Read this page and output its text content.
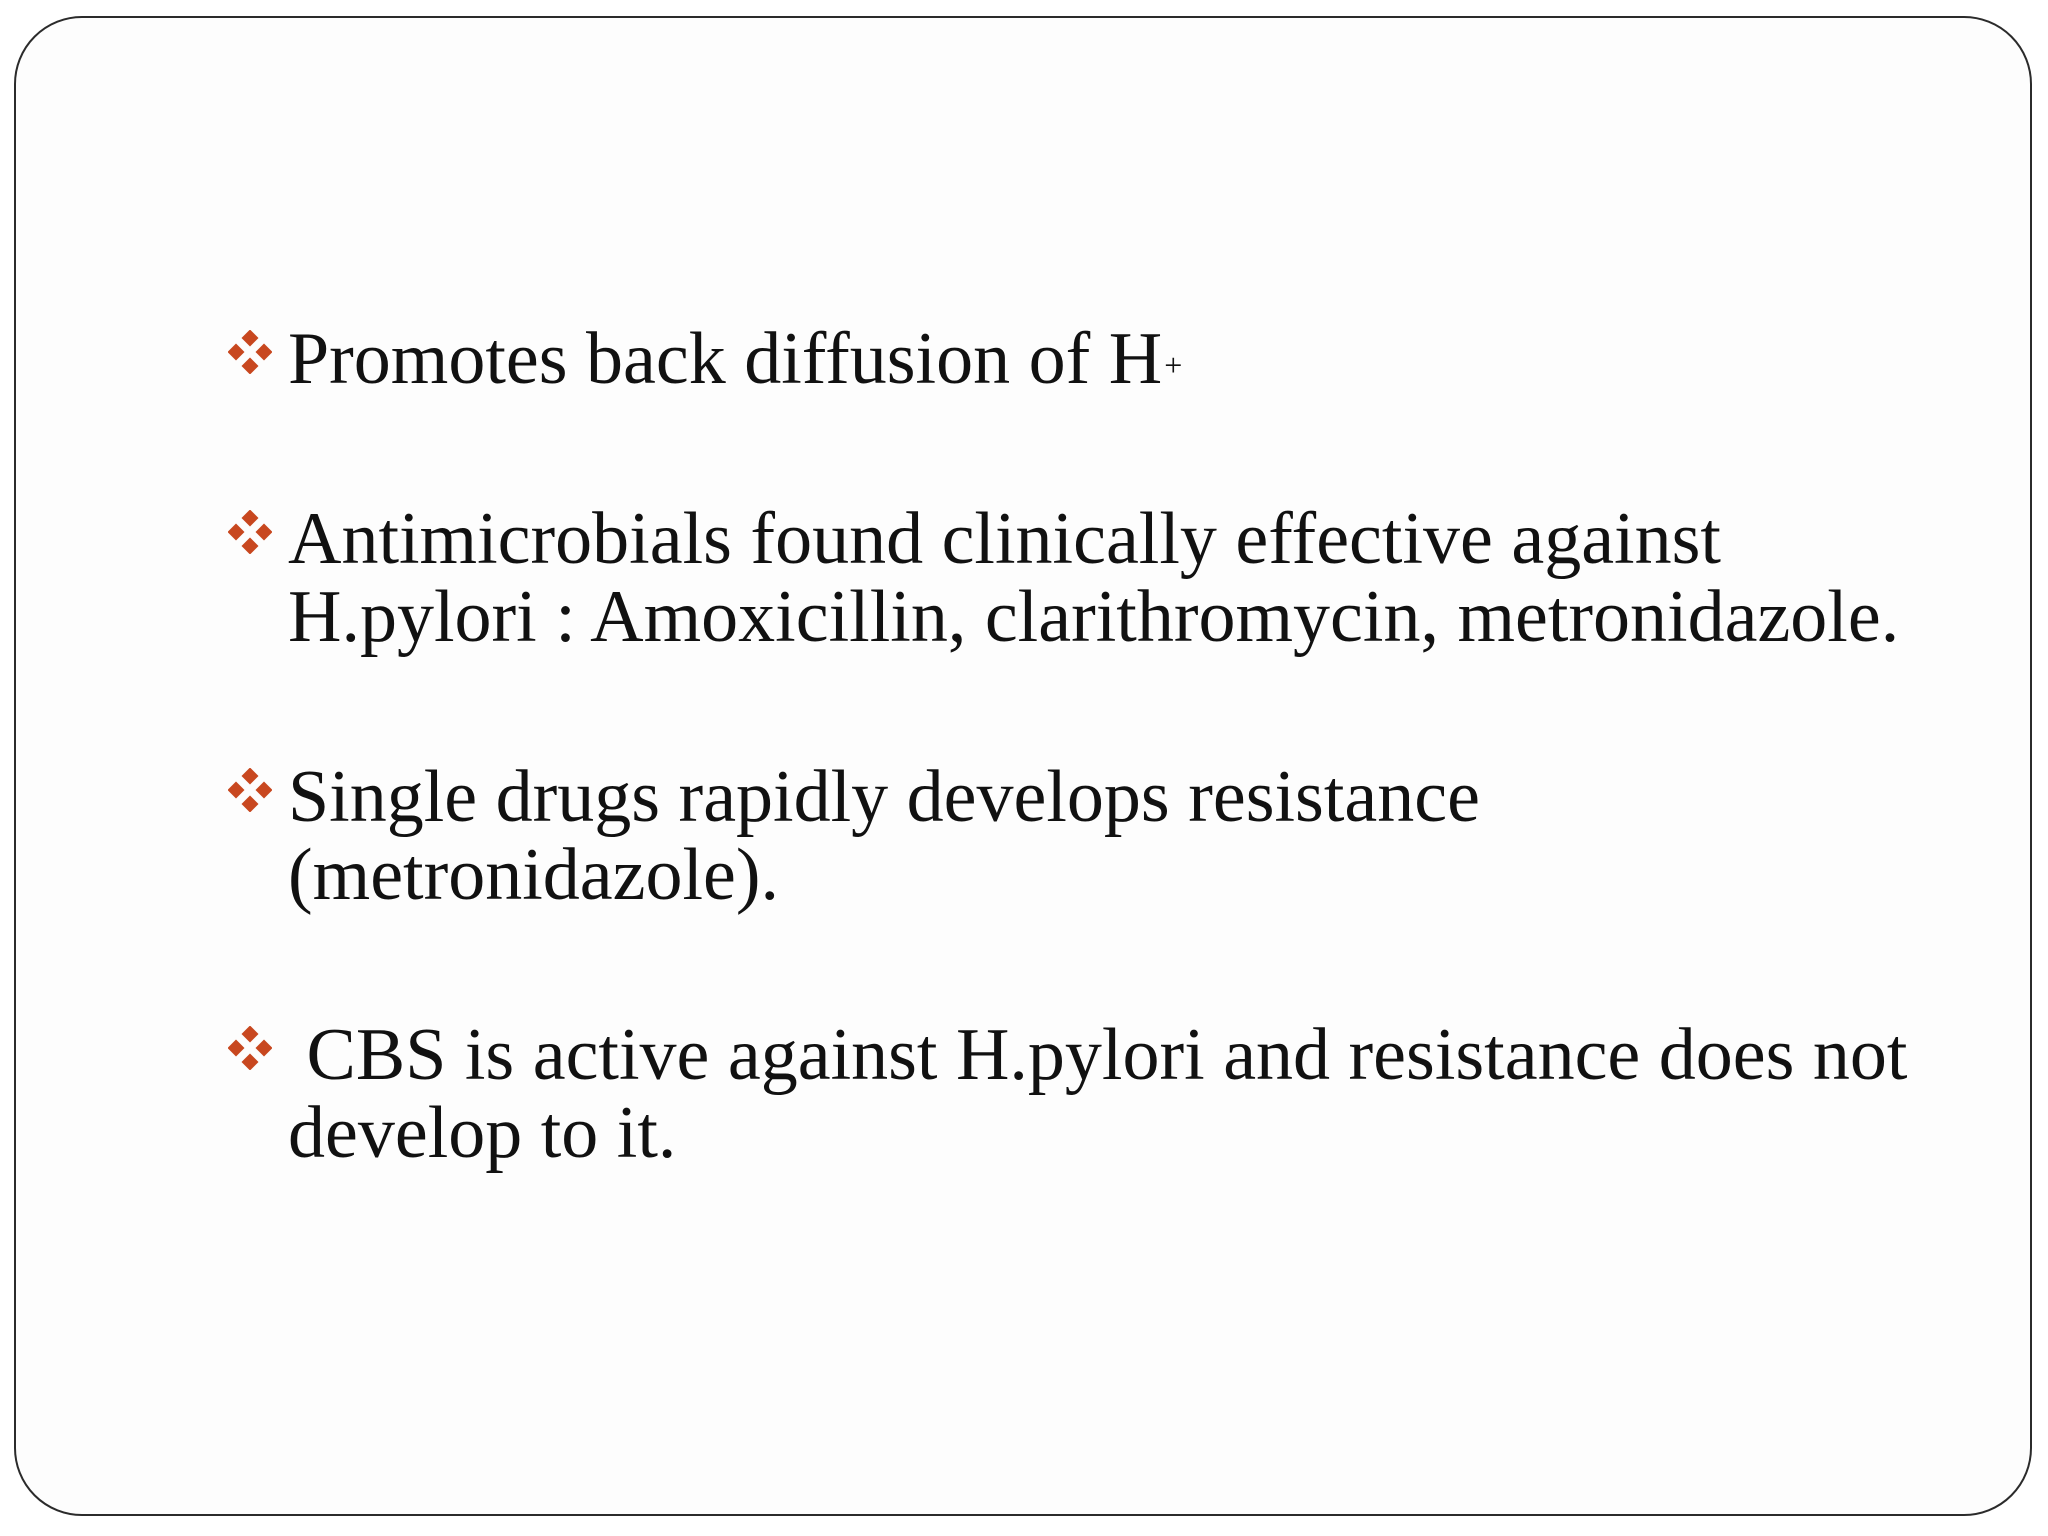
Promotes back diffusion of H+
Antimicrobials found clinically effective against H.pylori : Amoxicillin, clarithromycin, metronidazole.
Single drugs rapidly develops resistance (metronidazole).
CBS is active against H.pylori and resistance does not develop to it.
